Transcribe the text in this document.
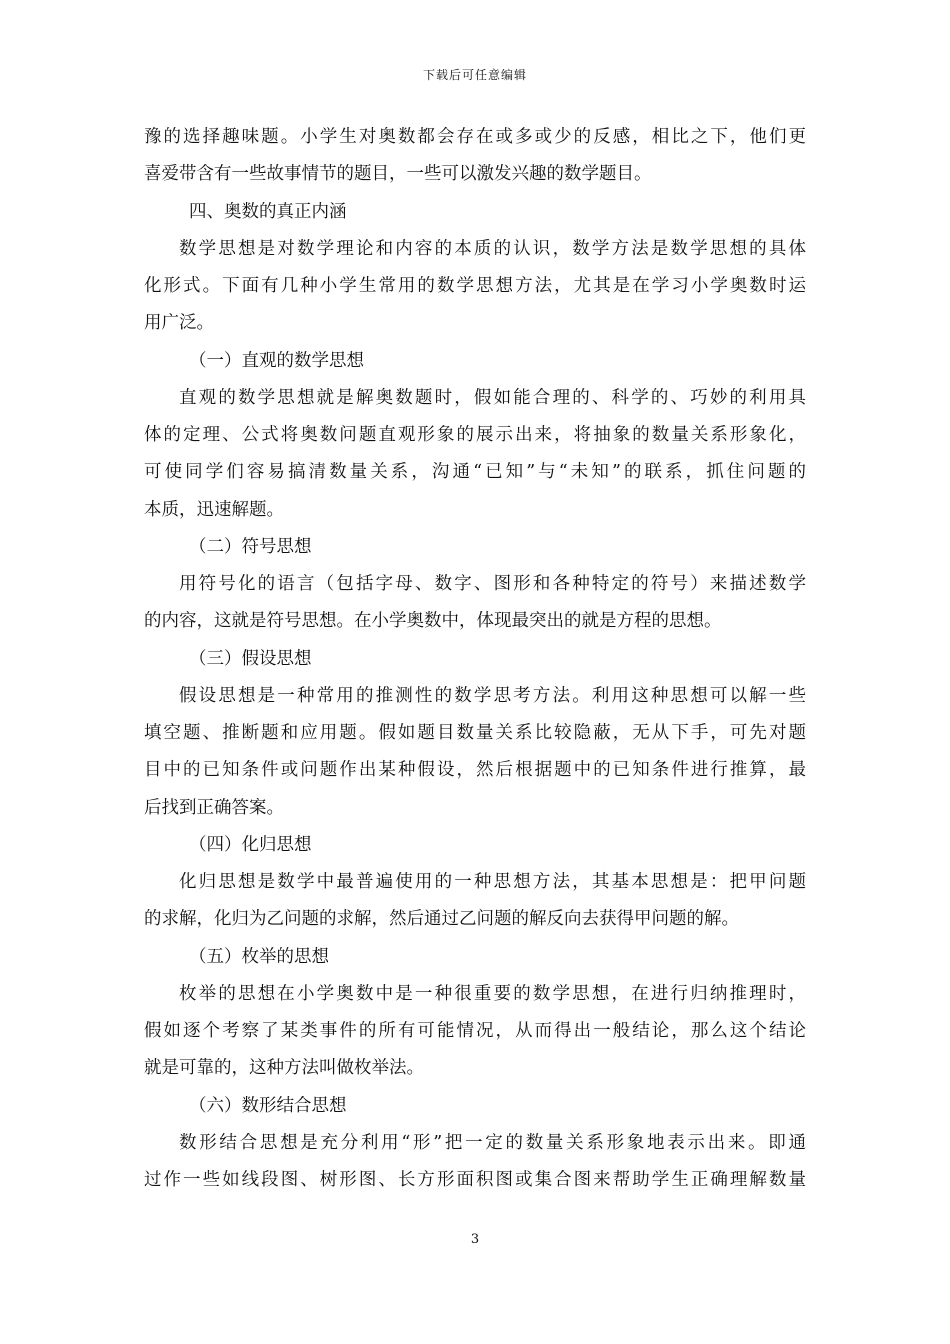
下载后可任意编辑
豫的选择趣味题。小学生对奥数都会存在或多或少的反感，相比之下，他们更
喜爱带含有一些故事情节的题目，一些可以激发兴趣的数学题目。
四、奥数的真正内涵
数学思想是对数学理论和内容的本质的认识，数学方法是数学思想的具体
化形式。下面有几种小学生常用的数学思想方法，尤其是在学习小学奥数时运
用广泛。
（一）直观的数学思想
直观的数学思想就是解奥数题时，假如能合理的、科学的、巧妙的利用具
体的定理、公式将奥数问题直观形象的展示出来，将抽象的数量关系形象化，
可使同学们容易搞清数量关系，沟通“已知”与“未知”的联系，抓住问题的
本质，迅速解题。
（二）符号思想
用符号化的语言（包括字母、数字、图形和各种特定的符号）来描述数学
的内容，这就是符号思想。在小学奥数中，体现最突出的就是方程的思想。
（三）假设思想
假设思想是一种常用的推测性的数学思考方法。利用这种思想可以解一些
填空题、推断题和应用题。假如题目数量关系比较隐蔽，无从下手，可先对题
目中的已知条件或问题作出某种假设，然后根据题中的已知条件进行推算，最
后找到正确答案。
（四）化归思想
化归思想是数学中最普遍使用的一种思想方法，其基本思想是：把甲问题
的求解，化归为乙问题的求解，然后通过乙问题的解反向去获得甲问题的解。
（五）枚举的思想
枚举的思想在小学奥数中是一种很重要的数学思想，在进行归纳推理时，
假如逐个考察了某类事件的所有可能情况，从而得出一般结论，那么这个结论
就是可靠的，这种方法叫做枚举法。
（六）数形结合思想
数形结合思想是充分利用“形”把一定的数量关系形象地表示出来。即通
过作一些如线段图、树形图、长方形面积图或集合图来帮助学生正确理解数量
3
